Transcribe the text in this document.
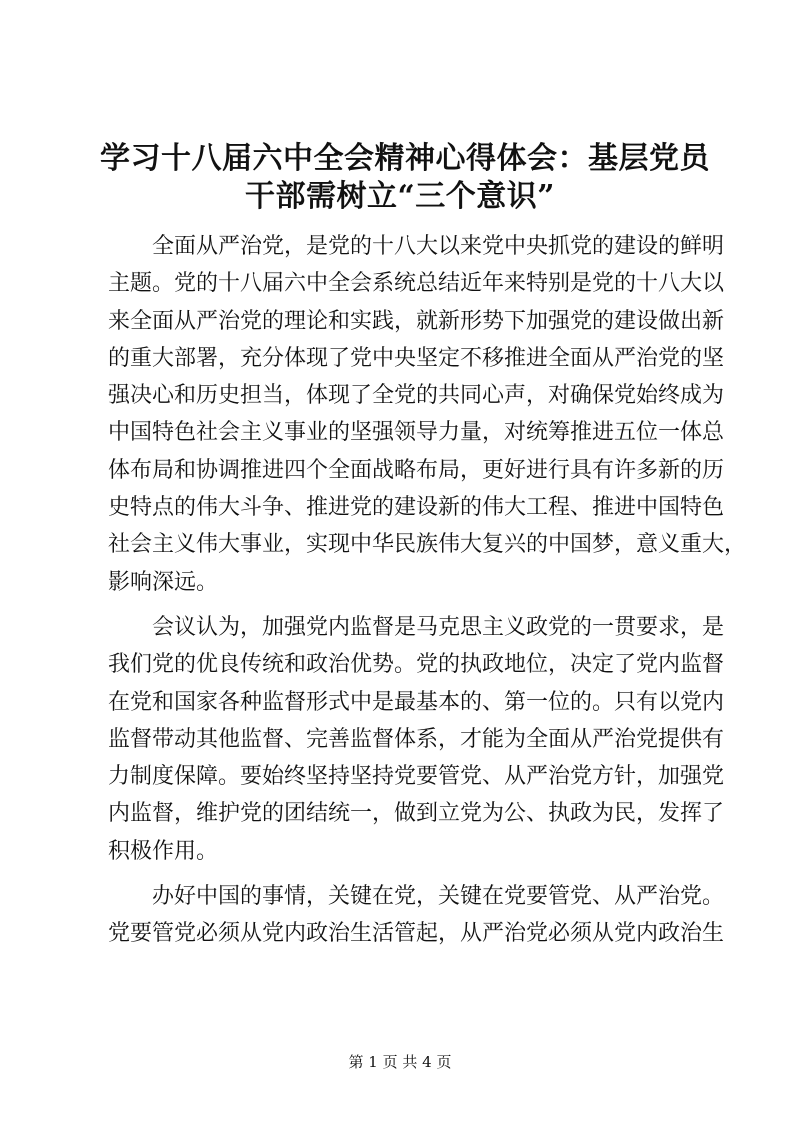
学习十八届六中全会精神心得体会：基层党员
干部需树立“三个意识”
　　全面从严治党，是党的十八大以来党中央抓党的建设的鲜明
主题。党的十八届六中全会系统总结近年来特别是党的十八大以
来全面从严治党的理论和实践，就新形势下加强党的建设做出新
的重大部署，充分体现了党中央坚定不移推进全面从严治党的坚
强决心和历史担当，体现了全党的共同心声，对确保党始终成为
中国特色社会主义事业的坚强领导力量，对统筹推进五位一体总
体布局和协调推进四个全面战略布局，更好进行具有许多新的历
史特点的伟大斗争、推进党的建设新的伟大工程、推进中国特色
社会主义伟大事业，实现中华民族伟大复兴的中国梦，意义重大，
影响深远。
　　会议认为，加强党内监督是马克思主义政党的一贯要求，是
我们党的优良传统和政治优势。党的执政地位，决定了党内监督
在党和国家各种监督形式中是最基本的、第一位的。只有以党内
监督带动其他监督、完善监督体系，才能为全面从严治党提供有
力制度保障。要始终坚持坚持党要管党、从严治党方针，加强党
内监督，维护党的团结统一，做到立党为公、执政为民，发挥了
积极作用。
　　办好中国的事情，关键在党，关键在党要管党、从严治党。
党要管党必须从党内政治生活管起，从严治党必须从党内政治生
第 1 页 共 4 页
